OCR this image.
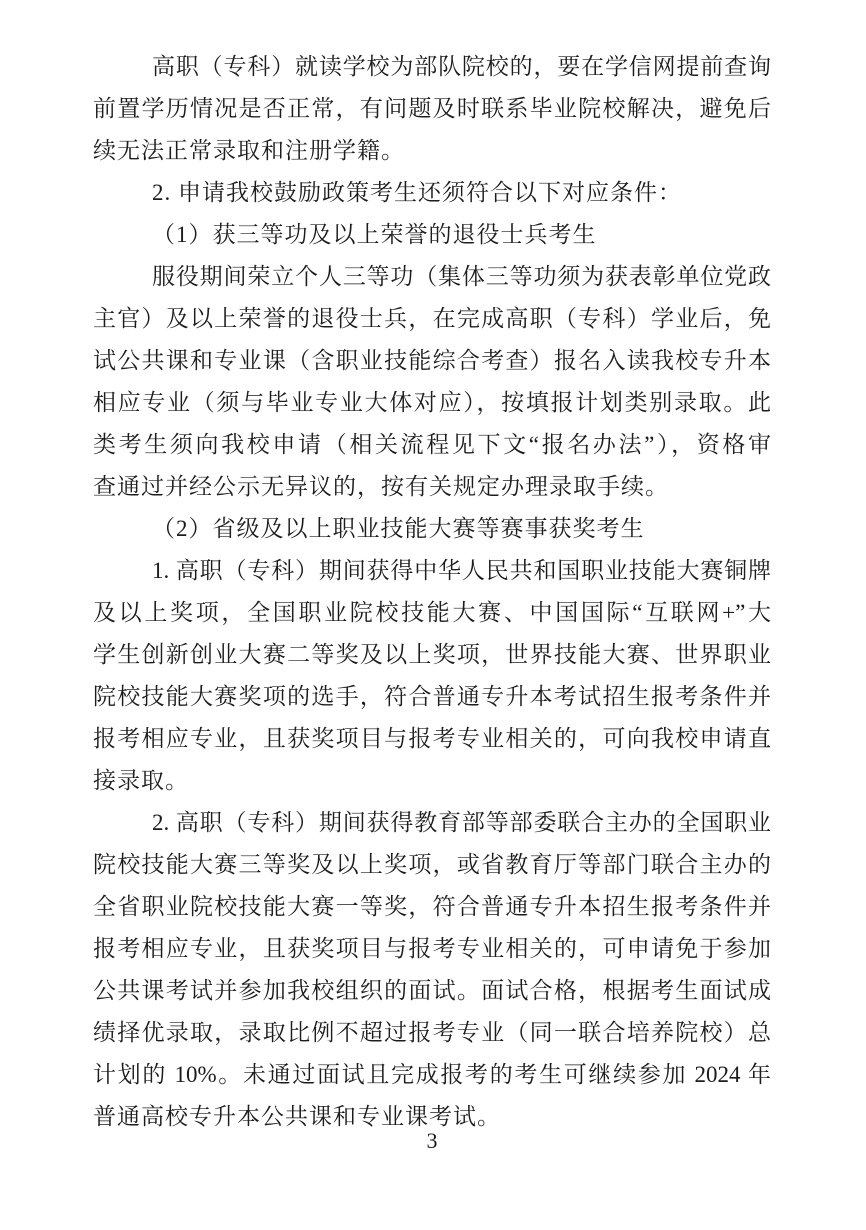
高职（专科）就读学校为部队院校的，要在学信网提前查询
前置学历情况是否正常，有问题及时联系毕业院校解决，避免后
续无法正常录取和注册学籍。
2. 申请我校鼓励政策考生还须符合以下对应条件：
（1）获三等功及以上荣誉的退役士兵考生
服役期间荣立个人三等功（集体三等功须为获表彰单位党政
主官）及以上荣誉的退役士兵，在完成高职（专科）学业后，免
试公共课和专业课（含职业技能综合考查）报名入读我校专升本
相应专业（须与毕业专业大体对应），按填报计划类别录取。此
类考生须向我校申请（相关流程见下文“报名办法”），资格审
查通过并经公示无异议的，按有关规定办理录取手续。
（2）省级及以上职业技能大赛等赛事获奖考生
1. 高职（专科）期间获得中华人民共和国职业技能大赛铜牌
及以上奖项，全国职业院校技能大赛、中国国际“互联网+”大
学生创新创业大赛二等奖及以上奖项，世界技能大赛、世界职业
院校技能大赛奖项的选手，符合普通专升本考试招生报考条件并
报考相应专业，且获奖项目与报考专业相关的，可向我校申请直
接录取。
2. 高职（专科）期间获得教育部等部委联合主办的全国职业
院校技能大赛三等奖及以上奖项，或省教育厅等部门联合主办的
全省职业院校技能大赛一等奖，符合普通专升本招生报考条件并
报考相应专业，且获奖项目与报考专业相关的，可申请免于参加
公共课考试并参加我校组织的面试。面试合格，根据考生面试成
绩择优录取，录取比例不超过报考专业（同一联合培养院校）总
计划的 10%。未通过面试且完成报考的考生可继续参加 2024 年
普通高校专升本公共课和专业课考试。
3
